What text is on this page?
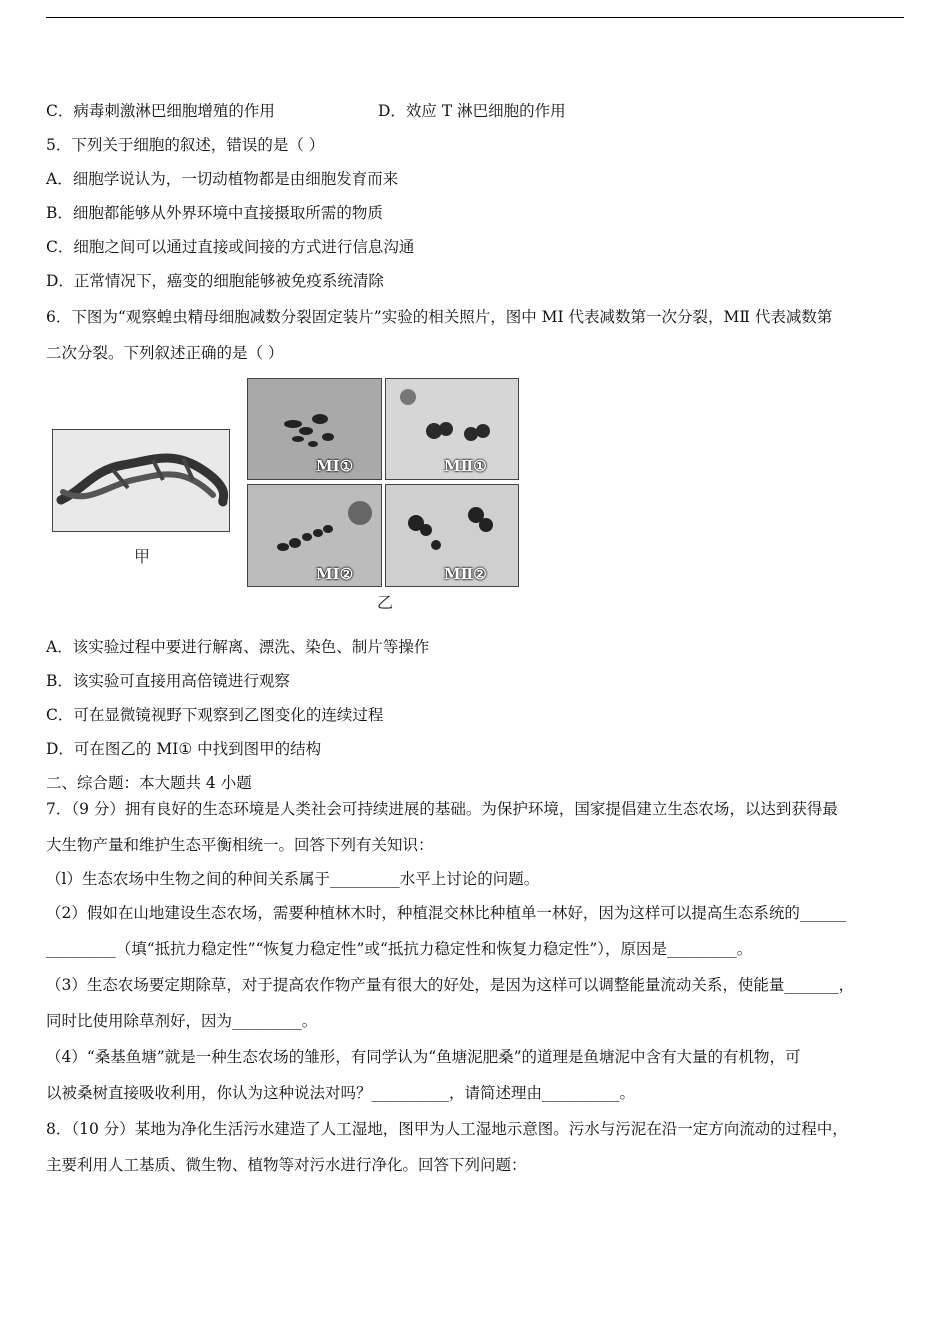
C．病毒刺激淋巴细胞增殖的作用	D．效应 T 淋巴细胞的作用
5．下列关于细胞的叙述，错误的是（ ）
A．细胞学说认为，一切动植物都是由细胞发育而来
B．细胞都能够从外界环境中直接摄取所需的物质
C．细胞之间可以通过直接或间接的方式进行信息沟通
D．正常情况下，癌变的细胞能够被免疫系统清除
6．下图为“观察蝗虫精母细胞减数分裂固定装片”实验的相关照片，图中 MⅠ 代表减数第一次分裂，MⅡ 代表减数第
二次分裂。下列叙述正确的是（ ）
甲
MⅠ①	MⅡ①
MⅠ②	MⅡ②
乙
A．该实验过程中要进行解离、漂洗、染色、制片等操作
B．该实验可直接用高倍镜进行观察
C．可在显微镜视野下观察到乙图变化的连续过程
D．可在图乙的 MⅠ① 中找到图甲的结构
二、综合题：本大题共 4 小题
7．（9 分）拥有良好的生态环境是人类社会可持续进展的基础。为保护环境，国家提倡建立生态农场，以达到获得最
大生物产量和维护生态平衡相统一。回答下列有关知识：
（l）生态农场中生物之间的种间关系属于_________水平上讨论的问题。
（2）假如在山地建设生态农场，需要种植林木时，种植混交林比种植单一林好，因为这样可以提高生态系统的______
_________（填“抵抗力稳定性”“恢复力稳定性”或“抵抗力稳定性和恢复力稳定性”），原因是_________。
（3）生态农场要定期除草，对于提高农作物产量有很大的好处，是因为这样可以调整能量流动关系，使能量_______，
同时比使用除草剂好，因为_________。
（4）“桑基鱼塘”就是一种生态农场的雏形，有同学认为“鱼塘泥肥桑”的道理是鱼塘泥中含有大量的有机物，可
以被桑树直接吸收利用，你认为这种说法对吗？__________，请简述理由__________。
8．（10 分）某地为净化生活污水建造了人工湿地，图甲为人工湿地示意图。污水与污泥在沿一定方向流动的过程中，
主要利用人工基质、微生物、植物等对污水进行净化。回答下列问题：
